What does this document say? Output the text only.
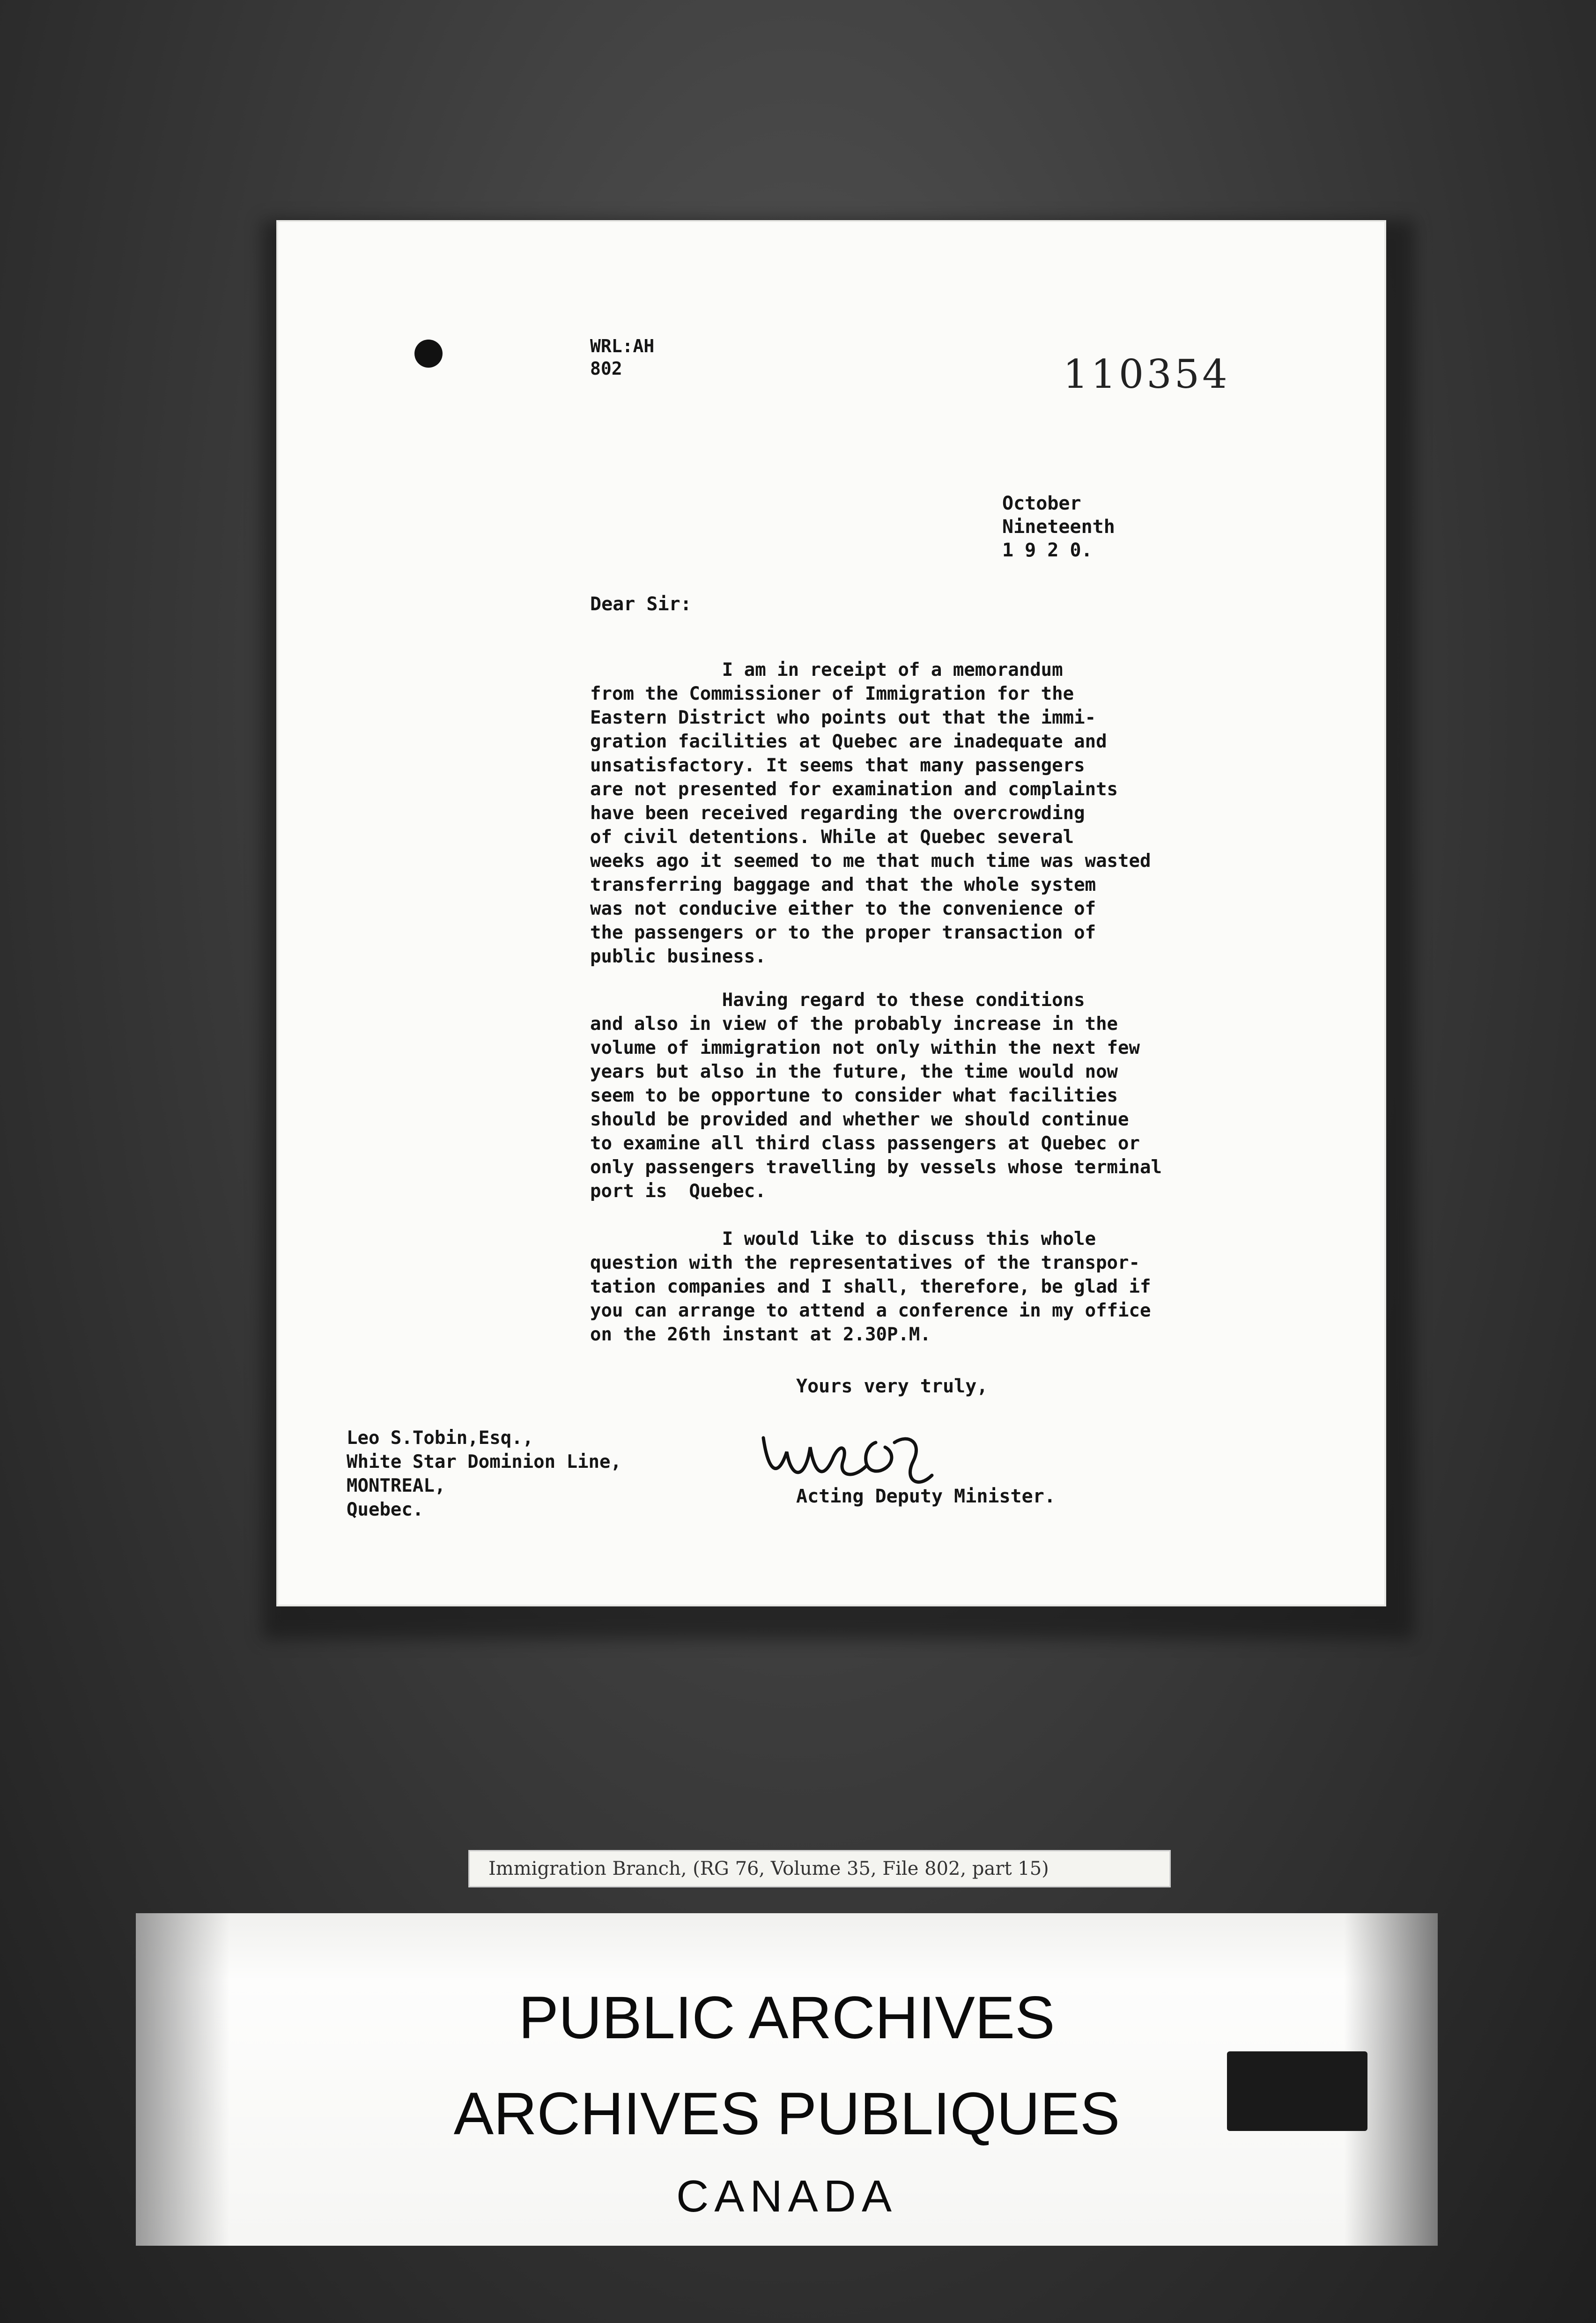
WRL:AH
802	110354
October
Nineteenth
1 9 2 0.
Dear Sir:
I am in receipt of a memorandum
from the Commissioner of Immigration for the
Eastern District who points out that the immi-
gration facilities at Quebec are inadequate and
unsatisfactory. It seems that many passengers
are not presented for examination and complaints
have been received regarding the overcrowding
of civil detentions. While at Quebec several
weeks ago it seemed to me that much time was wasted
transferring baggage and that the whole system
was not conducive either to the convenience of
the passengers or to the proper transaction of
public business.
Having regard to these conditions
and also in view of the probably increase in the
volume of immigration not only within the next few
years but also in the future, the time would now
seem to be opportune to consider what facilities
should be provided and whether we should continue
to examine all third class passengers at Quebec or
only passengers travelling by vessels whose terminal
port is  Quebec.
I would like to discuss this whole
question with the representatives of the transpor-
tation companies and I shall, therefore, be glad if
you can arrange to attend a conference in my office
on the 26th instant at 2.30P.M.
Yours very truly,
Acting Deputy Minister.
Leo S.Tobin,Esq.,
White Star Dominion Line,
MONTREAL,
Quebec.
Immigration Branch, (RG 76, Volume 35, File 802, part 15)
PUBLIC ARCHIVES
ARCHIVES PUBLIQUES
CANADA
